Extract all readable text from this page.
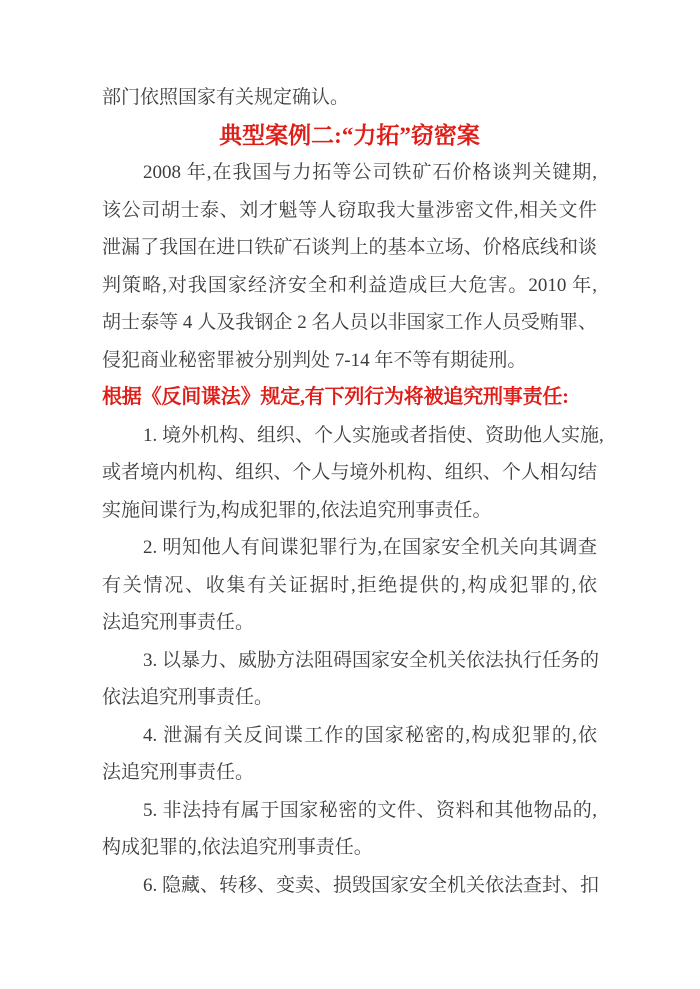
部门依照国家有关规定确认。
典型案例二:“力拓”窃密案
2008 年,在我国与力拓等公司铁矿石价格谈判关键期,
该公司胡士泰、刘才魁等人窃取我大量涉密文件,相关文件
泄漏了我国在进口铁矿石谈判上的基本立场、价格底线和谈
判策略,对我国家经济安全和利益造成巨大危害。2010 年,
胡士泰等 4 人及我钢企 2 名人员以非国家工作人员受贿罪、
侵犯商业秘密罪被分别判处 7-14 年不等有期徒刑。
根据《反间谍法》规定,有下列行为将被追究刑事责任:
1. 境外机构、组织、个人实施或者指使、资助他人实施,
或者境内机构、组织、个人与境外机构、组织、个人相勾结
实施间谍行为,构成犯罪的,依法追究刑事责任。
2. 明知他人有间谍犯罪行为,在国家安全机关向其调查
有关情况、收集有关证据时,拒绝提供的,构成犯罪的,依
法追究刑事责任。
3. 以暴力、威胁方法阻碍国家安全机关依法执行任务的
依法追究刑事责任。
4. 泄漏有关反间谍工作的国家秘密的,构成犯罪的,依
法追究刑事责任。
5. 非法持有属于国家秘密的文件、资料和其他物品的,
构成犯罪的,依法追究刑事责任。
6. 隐藏、转移、变卖、损毁国家安全机关依法查封、扣
